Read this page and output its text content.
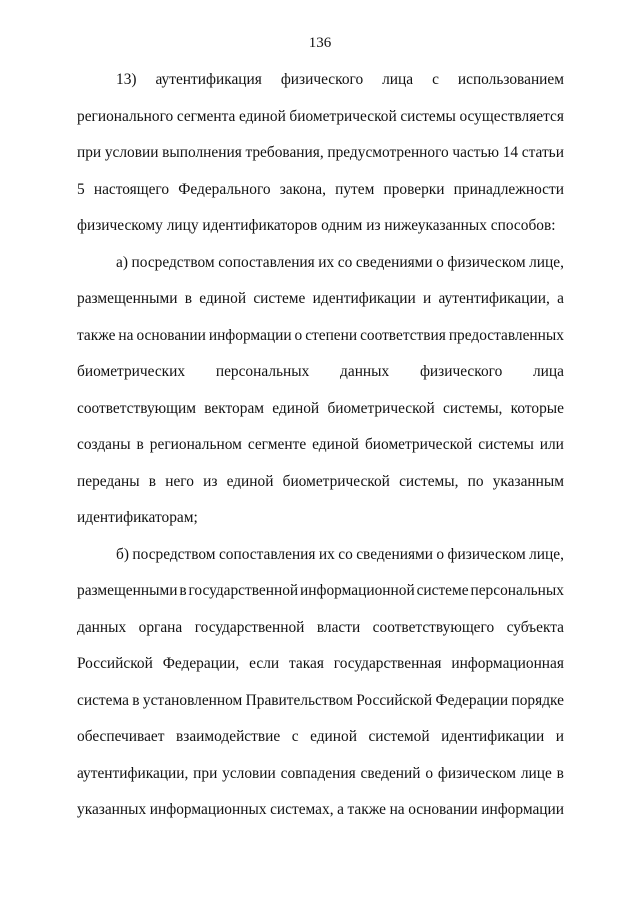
136
13) аутентификация физического лица с использованием
регионального сегмента единой биометрической системы осуществляется
при условии выполнения требования, предусмотренного частью 14 статьи
5 настоящего Федерального закона, путем проверки принадлежности
физическому лицу идентификаторов одним из нижеуказанных способов:
а) посредством сопоставления их со сведениями о физическом лице,
размещенными в единой системе идентификации и аутентификации, а
также на основании информации о степени соответствия предоставленных
биометрических персональных данных физического лица
соответствующим векторам единой биометрической системы, которые
созданы в региональном сегменте единой биометрической системы или
переданы в него из единой биометрической системы, по указанным
идентификаторам;
б) посредством сопоставления их со сведениями о физическом лице,
размещенными в государственной информационной системе персональных
данных органа государственной власти соответствующего субъекта
Российской Федерации, если такая государственная информационная
система в установленном Правительством Российской Федерации порядке
обеспечивает взаимодействие с единой системой идентификации и
аутентификации, при условии совпадения сведений о физическом лице в
указанных информационных системах, а также на основании информации
